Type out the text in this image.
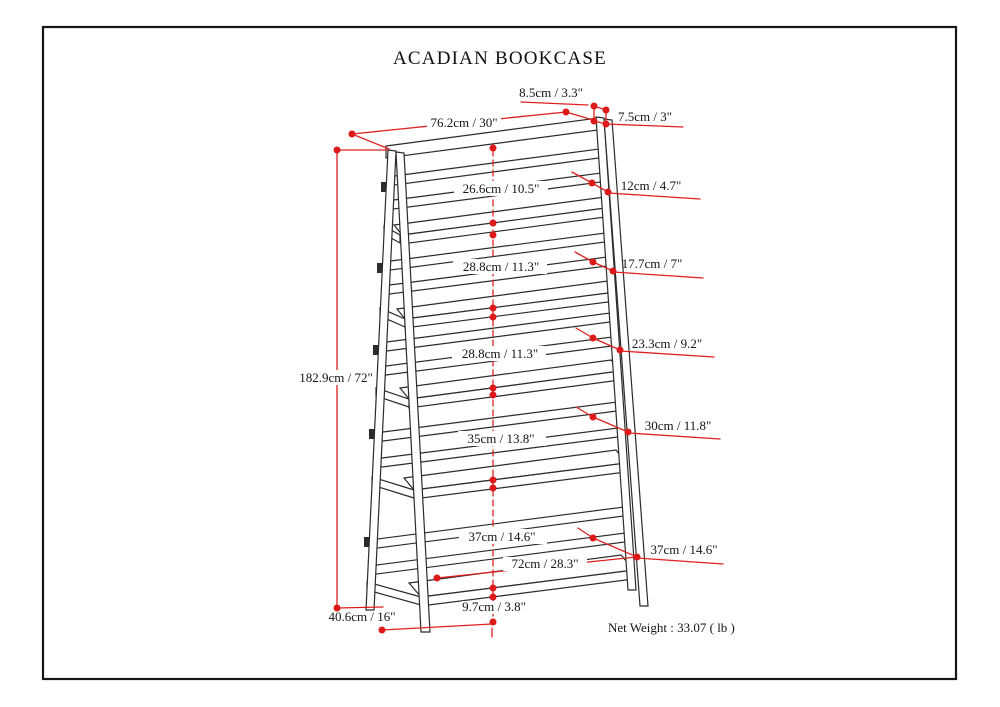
ACADIAN BOOKCASE
8.5cm / 3.3"
7.5cm / 3"
76.2cm / 30"
26.6cm / 10.5"	12cm / 4.7"
28.8cm / 11.3"	17.7cm / 7"
28.8cm / 11.3"
23.3cm / 9.2"
35cm / 13.8"
30cm / 11.8"
37cm / 14.6"
37cm / 14.6"
72cm / 28.3"
9.7cm / 3.8"
182.9cm / 72"
40.6cm / 16"
Net Weight : 33.07 ( lb )
